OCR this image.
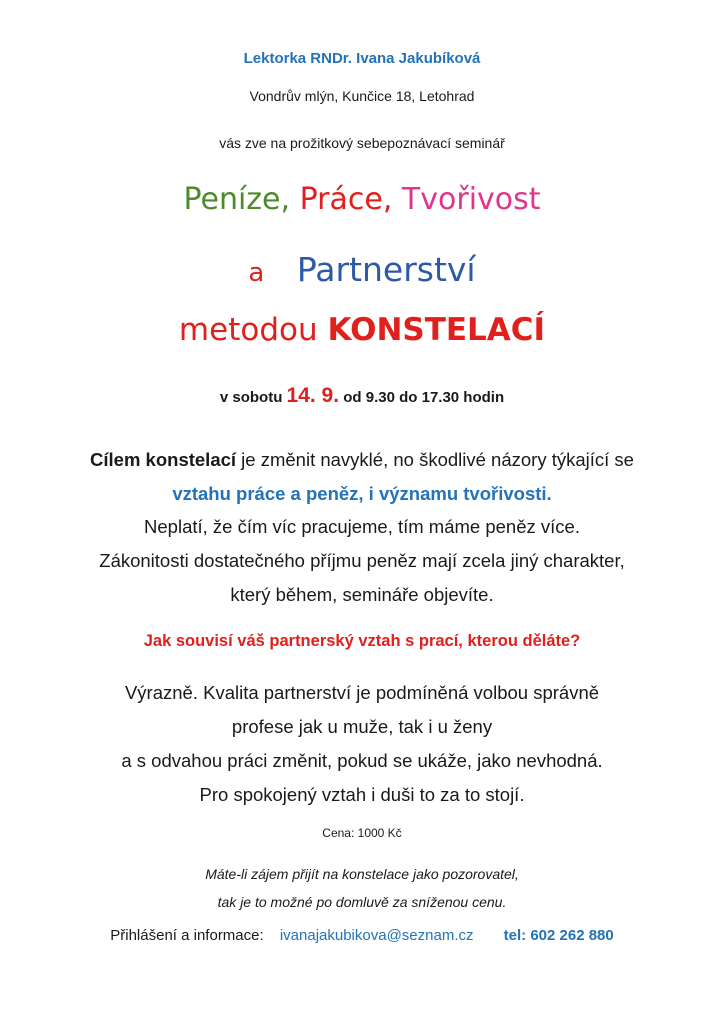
Lektorka RNDr. Ivana Jakubíková
Vondrův mlýn, Kunčice 18, Letohrad
vás zve na prožitkový sebepoznávací seminář
Peníze, Práce, Tvořivost
a Partnerství
metodou KONSTELACÍ
v sobotu 14. 9. od 9.30 do 17.30 hodin
Cílem konstelací je změnit navyklé, no škodlivé názory týkající se
vztahu práce a peněz, i významu tvořivosti.
Neplatí, že čím víc pracujeme, tím máme peněz více.
Zákonitosti dostatečného příjmu peněz mají zcela jiný charakter,
který během, semináře objevíte.
Jak souvisí váš partnerský vztah s prací, kterou děláte?
Výrazně. Kvalita partnerství je podmíněná volbou správně
profese jak u muže, tak i u ženy
a s odvahou práci změnit, pokud se ukáže, jako nevhodná.
Pro spokojený vztah i duši to za to stojí.
Cena: 1000 Kč
Máte-li zájem přijít na konstelace jako pozorovatel,
tak je to možné po domluvě za sníženou cenu.
Přihlášení a informace: ivanajakubikova@seznam.cz tel: 602 262 880
